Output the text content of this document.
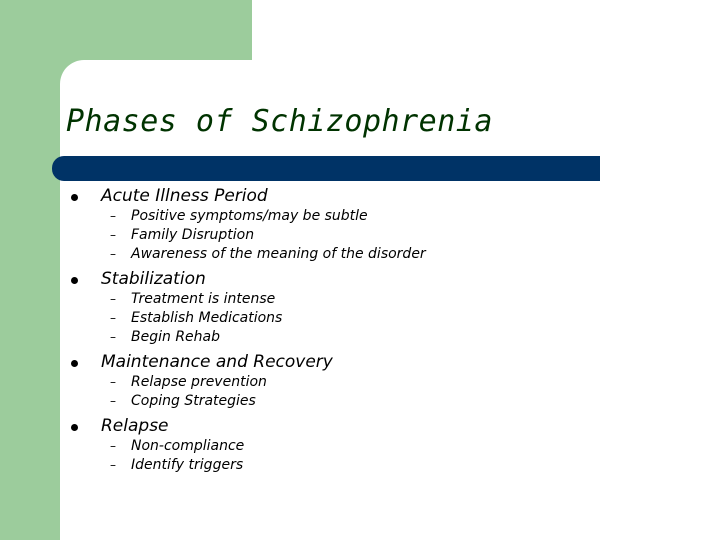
Phases of Schizophrenia
Acute Illness Period
– Positive symptoms/may be subtle
– Family Disruption
– Awareness of the meaning of the disorder
Stabilization
– Treatment is intense
– Establish Medications
– Begin Rehab
Maintenance and Recovery
– Relapse prevention
– Coping Strategies
Relapse
– Non-compliance
– Identify triggers
